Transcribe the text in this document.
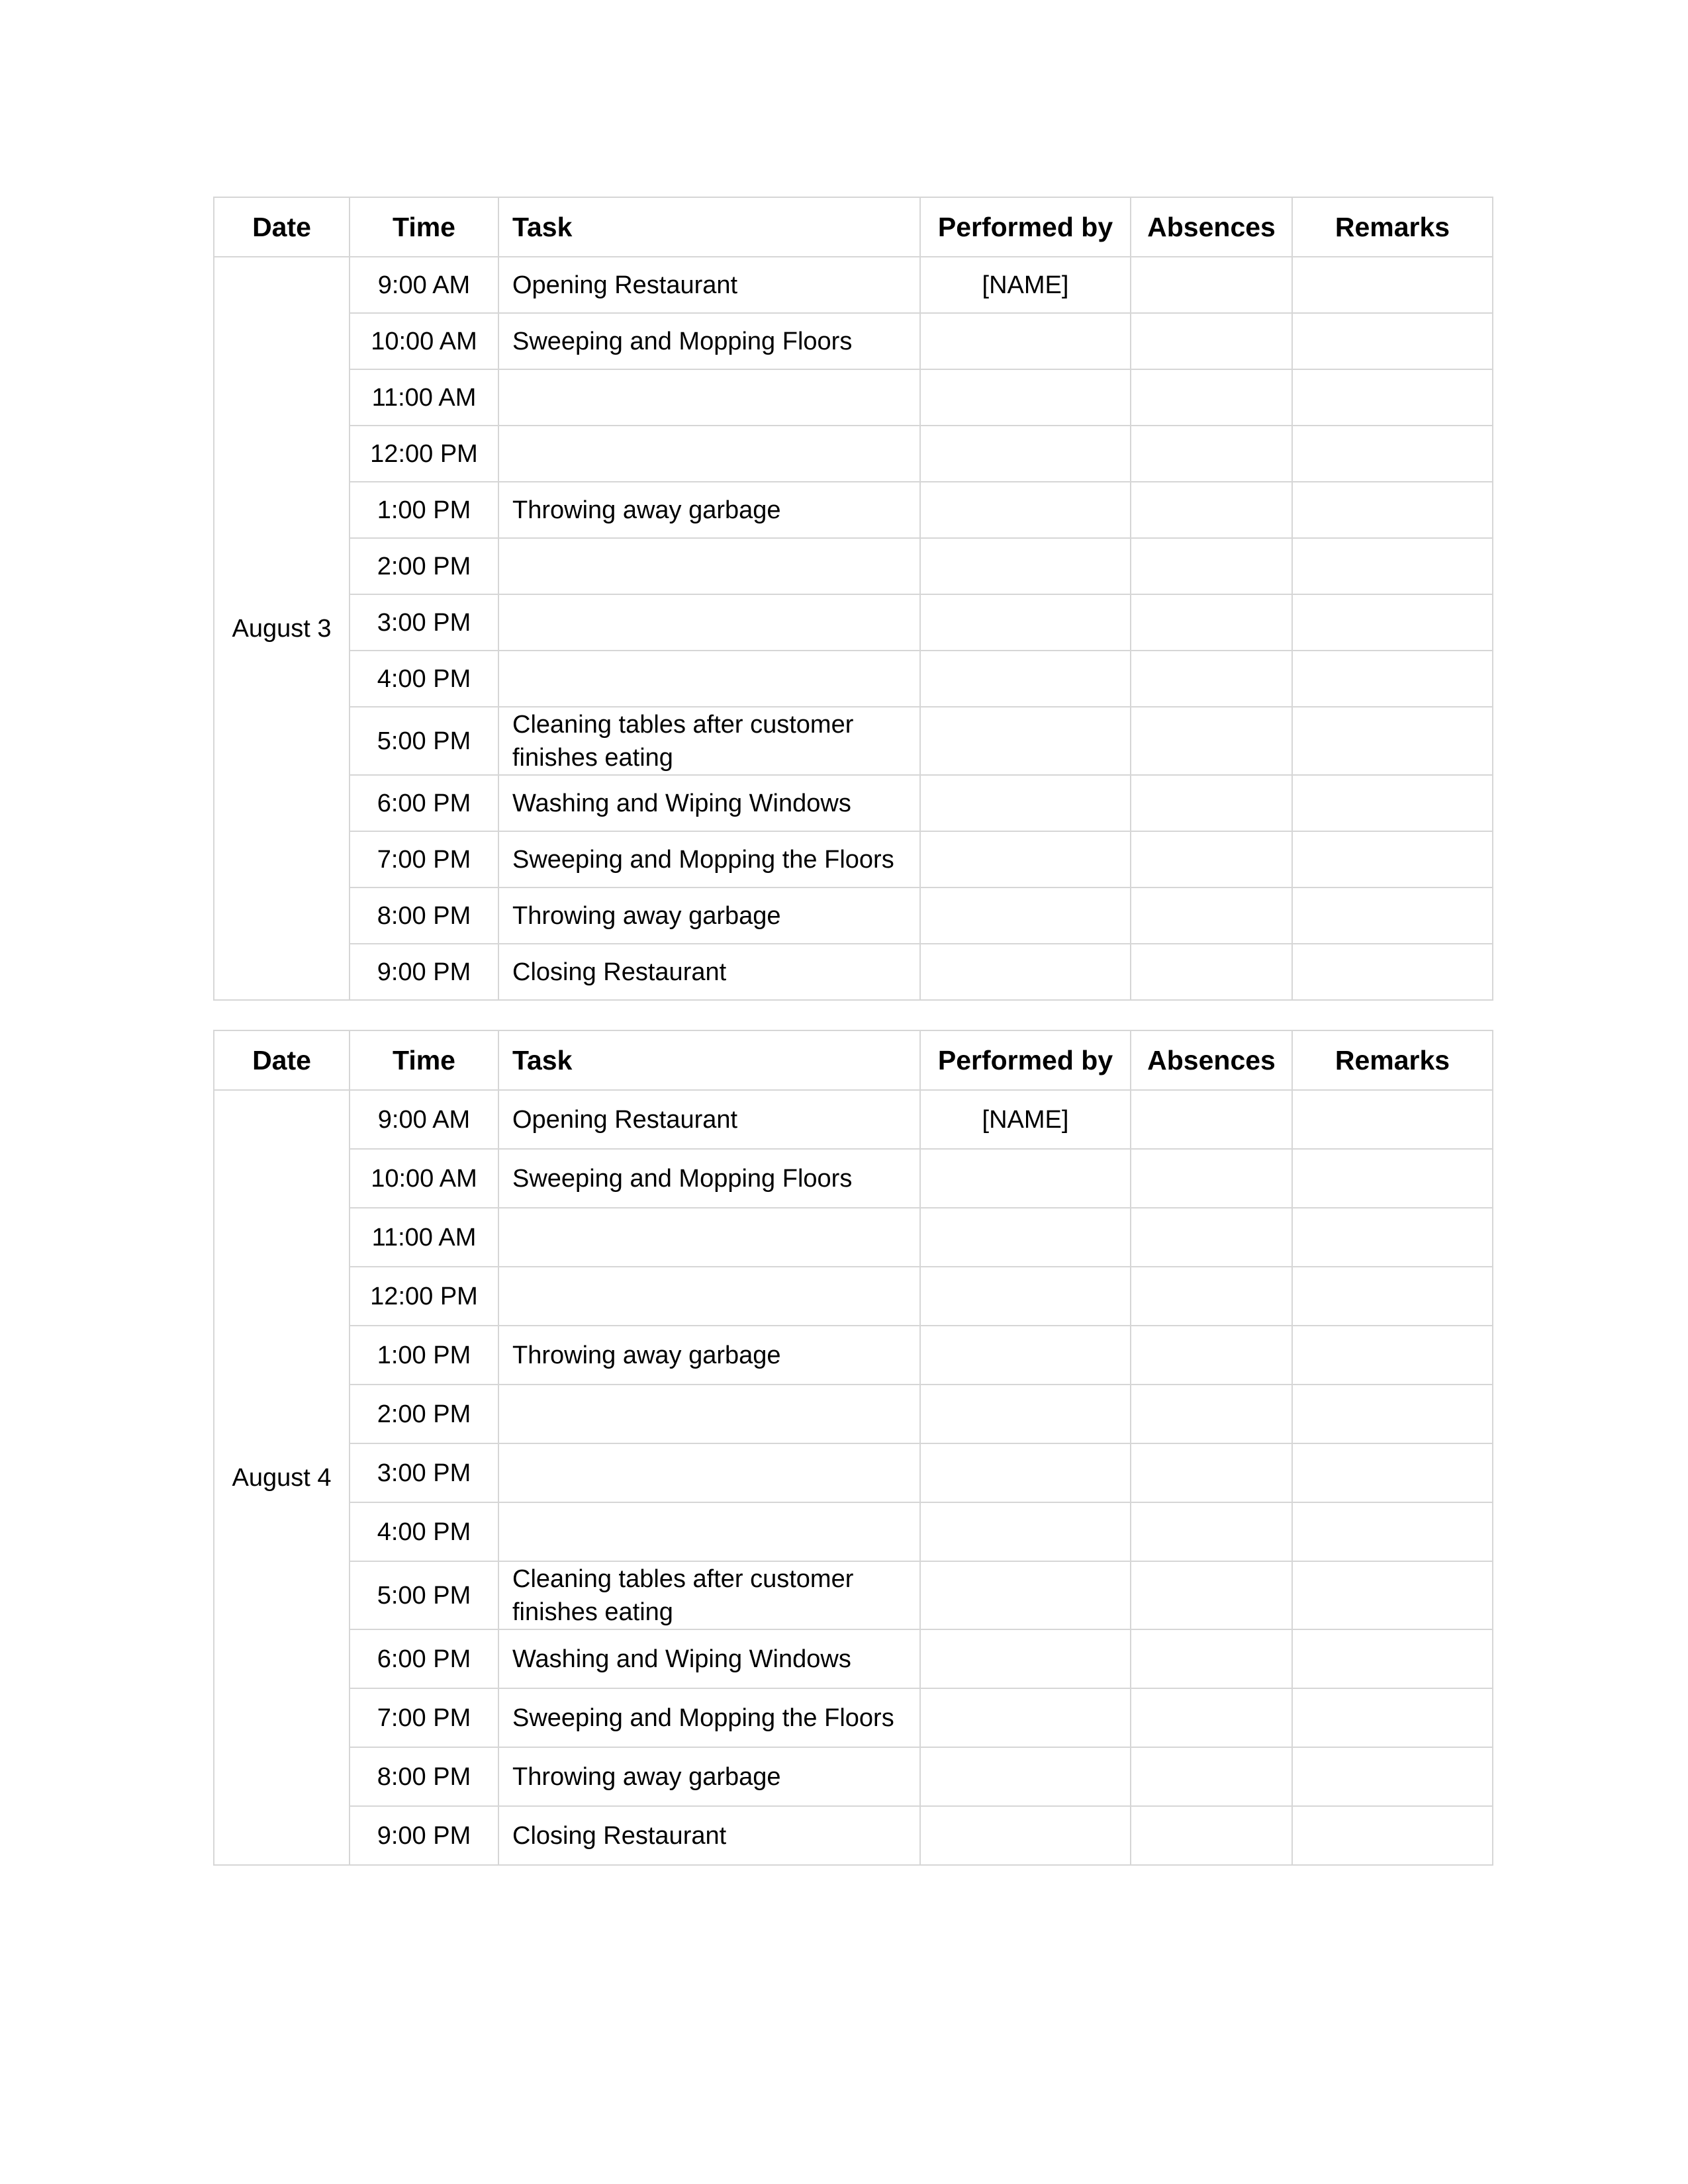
Date	Time	Task	Performed by	Absences	Remarks
August 3	9:00 AM	Opening Restaurant	[NAME]		
	10:00 AM	Sweeping and Mopping Floors			
	11:00 AM				
	12:00 PM				
	1:00 PM	Throwing away garbage			
	2:00 PM				
	3:00 PM				
	4:00 PM				
	5:00 PM	Cleaning tables after customer finishes eating			
	6:00 PM	Washing and Wiping Windows			
	7:00 PM	Sweeping and Mopping the Floors			
	8:00 PM	Throwing away garbage			
	9:00 PM	Closing Restaurant			
Date	Time	Task	Performed by	Absences	Remarks
August 4	9:00 AM	Opening Restaurant	[NAME]		
	10:00 AM	Sweeping and Mopping Floors			
	11:00 AM				
	12:00 PM				
	1:00 PM	Throwing away garbage			
	2:00 PM				
	3:00 PM				
	4:00 PM				
	5:00 PM	Cleaning tables after customer finishes eating			
	6:00 PM	Washing and Wiping Windows			
	7:00 PM	Sweeping and Mopping the Floors			
	8:00 PM	Throwing away garbage			
	9:00 PM	Closing Restaurant			
